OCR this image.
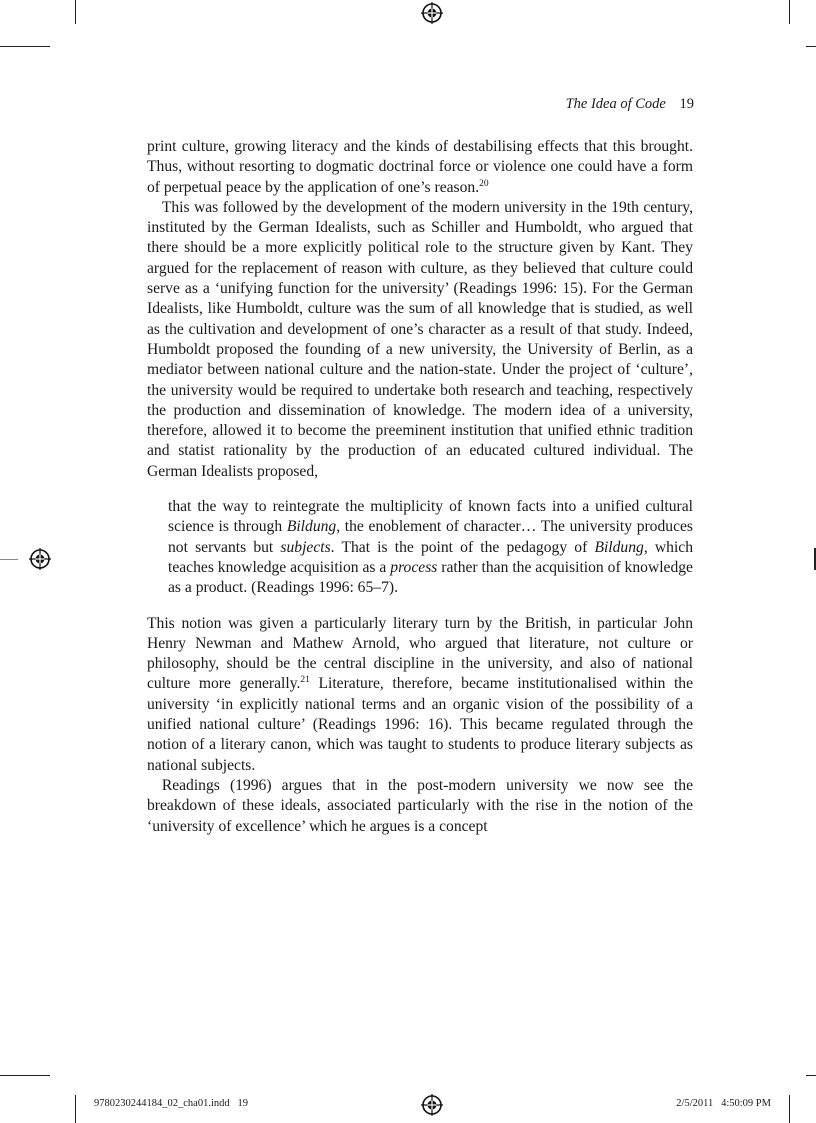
The Idea of Code 19

print culture, growing literacy and the kinds of destabilising effects that this brought. Thus, without resorting to dogmatic doctrinal force or violence one could have a form of perpetual peace by the application of one’s reason.$^{20}$

This was followed by the development of the modern university in the 19th century, instituted by the German Idealists, such as Schiller and Humboldt, who argued that there should be a more explicitly political role to the structure given by Kant. They argued for the replacement of reason with culture, as they believed that culture could serve as a ‘unifying function for the university’ (Readings 1996: 15). For the German Idealists, like Humboldt, culture was the sum of all knowledge that is studied, as well as the cultivation and development of one’s character as a result of that study. Indeed, Humboldt proposed the founding of a new university, the University of Berlin, as a mediator between national culture and the nation-state. Under the project of ‘culture’, the university would be required to undertake both research and teaching, respectively the production and dissemination of knowledge. The modern idea of a university, therefore, allowed it to become the preeminent institution that unified ethnic tradition and statist rationality by the production of an educated cultured individual. The German Idealists proposed,

that the way to reintegrate the multiplicity of known facts into a unified cultural science is through Bildung, the enoblement of character… The university produces not servants but subjects. That is the point of the pedagogy of Bildung, which teaches knowledge acquisition as a process rather than the acquisition of knowledge as a product. (Readings 1996: 65–7).

This notion was given a particularly literary turn by the British, in particular John Henry Newman and Mathew Arnold, who argued that literature, not culture or philosophy, should be the central discipline in the university, and also of national culture more generally.$^{21}$ Literature, therefore, became institutionalised within the university ‘in explicitly national terms and an organic vision of the possibility of a unified national culture’ (Readings 1996: 16). This became regulated through the notion of a literary canon, which was taught to students to produce literary subjects as national subjects.

Readings (1996) argues that in the post-modern university we now see the breakdown of these ideals, associated particularly with the rise in the notion of the ‘university of excellence’ which he argues is a concept

9780230244184_02_cha01.indd   19	2/5/2011   4:50:09 PM
